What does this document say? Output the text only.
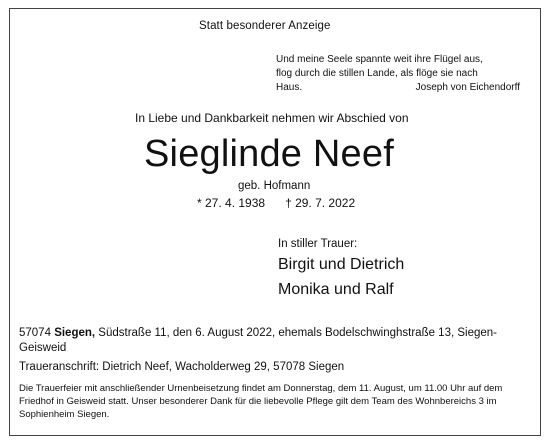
Statt besonderer Anzeige
Und meine Seele spannte weit ihre Flügel aus,
flog durch die stillen Lande, als flöge sie nach
Haus.	Joseph von Eichendorff
In Liebe und Dankbarkeit nehmen wir Abschied von
Sieglinde Neef
geb. Hofmann
* 27. 4. 1938 † 29. 7. 2022
In stiller Trauer:
Birgit und Dietrich
Monika und Ralf
57074 Siegen, Südstraße 11, den 6. August 2022, ehemals Bodelschwinghstraße 13, Siegen-Geisweid
Traueranschrift: Dietrich Neef, Wacholderweg 29, 57078 Siegen
Die Trauerfeier mit anschließender Urnenbeisetzung findet am Donnerstag, dem 11. August, um 11.00 Uhr auf dem Friedhof in Geisweid statt. Unser besonderer Dank für die liebevolle Pflege gilt dem Team des Wohnbereichs 3 im Sophienheim Siegen.
